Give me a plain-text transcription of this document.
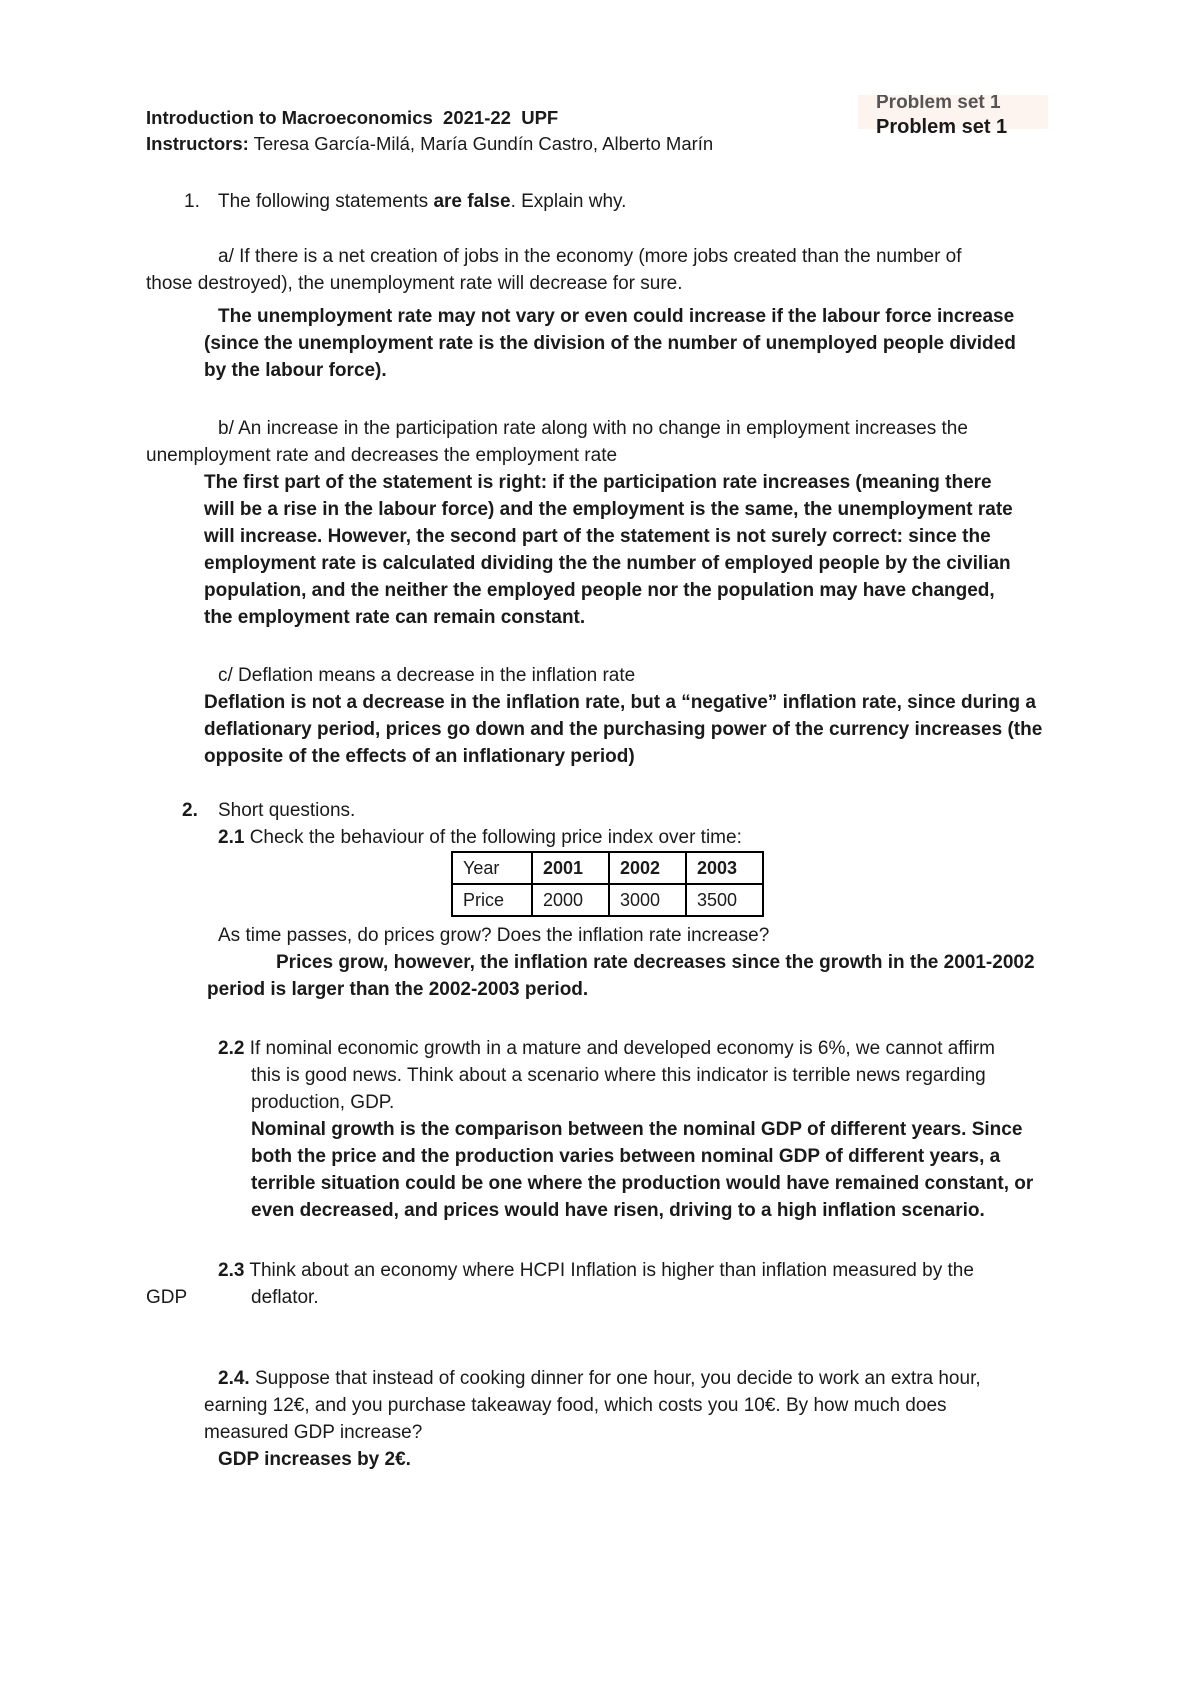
Introduction to Macroeconomics  2021-22  UPF
Instructors: Teresa García-Milá, María Gundín Castro, Alberto Marín
Problem set 1
Problem set 1
1. The following statements are false. Explain why.
a/ If there is a net creation of jobs in the economy (more jobs created than the number of
those destroyed), the unemployment rate will decrease for sure.
The unemployment rate may not vary or even could increase if the labour force increase
(since the unemployment rate is the division of the number of unemployed people divided
by the labour force).
b/ An increase in the participation rate along with no change in employment increases the
unemployment rate and decreases the employment rate
The first part of the statement is right: if the participation rate increases (meaning there
will be a rise in the labour force) and the employment is the same, the unemployment rate
will increase. However, the second part of the statement is not surely correct: since the
employment rate is calculated dividing the the number of employed people by the civilian
population, and the neither the employed people nor the population may have changed,
the employment rate can remain constant.
c/ Deflation means a decrease in the inflation rate
Deflation is not a decrease in the inflation rate, but a “negative” inflation rate, since during a
deflationary period, prices go down and the purchasing power of the currency increases (the
opposite of the effects of an inflationary period)
2. Short questions.
2.1 Check the behaviour of the following price index over time:
Year	2001	2002	2003
Price	2000	3000	3500
As time passes, do prices grow? Does the inflation rate increase?
Prices grow, however, the inflation rate decreases since the growth in the 2001-2002
period is larger than the 2002-2003 period.
2.2 If nominal economic growth in a mature and developed economy is 6%, we cannot affirm
this is good news. Think about a scenario where this indicator is terrible news regarding
production, GDP.
Nominal growth is the comparison between the nominal GDP of different years. Since
both the price and the production varies between nominal GDP of different years, a
terrible situation could be one where the production would have remained constant, or
even decreased, and prices would have risen, driving to a high inflation scenario.
2.3 Think about an economy where HCPI Inflation is higher than inflation measured by the
GDP	deflator.
2.4. Suppose that instead of cooking dinner for one hour, you decide to work an extra hour,
earning 12€, and you purchase takeaway food, which costs you 10€. By how much does
measured GDP increase?
GDP increases by 2€.
